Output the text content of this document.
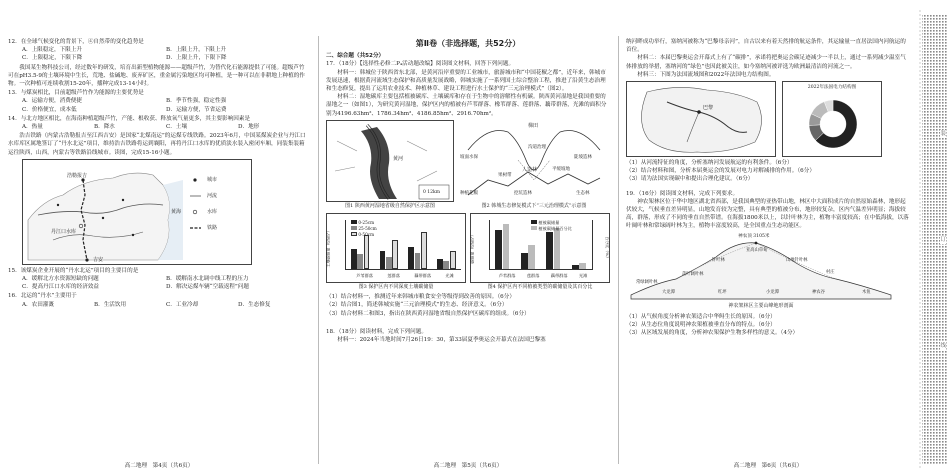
12．在全球气候变化的背景下，④自然带的变化趋势是
A．上限稳定，下限上升	B．上限上升，下限上升
C．上限稳定，下限下降	D．上限上升，下限下降
　　我国某生物科技公司，经过数年的研发，培育出新型植物能源——超级芦竹，为替代化石能源提供了可能。超级芦竹可在pH3.5-9的土壤环境中生长，荒地、盐碱地、废弃矿区，重金属污染地区均可种植，是一种可以在非耕地上种植的作物。一次种植可连续收割15-20年，播种完成13-14小时。
13．与煤炭相比，目前超级芦竹作为能源的主要优势是
A．运输方便，消费便捷	B．季节性强，稳定性强
C．价格便宜，成本低	D．运输方便，节省运费
14．与北方地区相比，在海南种植超级芦竹，产能、根收获、释放氧气量更多，其主要影响因素是
A．热量	B．降水	C．土壤	D．地形
　　浩吉铁路（内蒙古浩勒报吉至江西吉安）是国家“北煤南运”的运煤专线铁路。2023年6月，中国某煤炭企业与丹江口水库库区属地签订了“丹水北运”项目，维持浩吉铁路将运到襄阳，再将丹江口水库的优质淡水装入密闭车厢，同装集装箱运往陕西，山西，内蒙古等铁路沿线城市。读图，完成15-16小题。
浩勒报吉
吉安
丹江口水库
黄海
城市
河流
水库
铁路
15．该煤炭企业开展的“丹水北运”项目的主要目的是
A．缓解北方水资源短缺的问题	B．缓解南水北调中线工程的压力
C．提高丹江口水库的经济效益	D．解决运煤车辆“空载返程”问题
16．北运的“丹水”主要用于
A．农田灌溉	B．生活饮用	C．工业冷却	D．生态修复
高二地理　第4页（共6页）
第Ⅱ卷（非选择题，共52分）
二、综合题（共52分）
17．（18分）【选择性必修二P₄活动题改编】阅读图文材料，回答下列问题。
　　材料一：韩城位于陕西省东北部，是黄河沿岸重要的工业城市，旅游城市和“中国花椒之都”，近年来，韩城市发展迅速，根据黄河流域生态保护和高质量发展战略，韩城实施了一系列国土综合整治工程，推进了沿黄生态治理和生态修复，提出了运用农业技术、种植林草、建设工程进行水土保护的“三元治理模式”（图2）。
　　材料二：湿地碳库主要包括植被碳库、土壤碳库和存在于生物中的溶解性有机碳。陕西黄河湿地是我国重要的湿地之一（如图1），为研究黄河湿地，保护区内的植被有芦苇群落、橡苇群落、莲群落、藕带群落，光滩的面积分别为4196.63hm²、1786.34hm²、4186.85hm²、2916.70hm²。
黄河
0 12km
图1 陕西黄河湿地省级自然保护区示意图
梯田
人造林
坡面水保
沟道治理
陡坡造林
果树带
平缓坡地
种植花椒	挖坑造林	生态林
图2 韩城生态修复模式下“三元治理模式”示意图
土壤碳储量（t/hm²）
芦苇群落	莲群落	藕带群落	光滩
0-25cm
25-50cm
0-50cm
图3 保护区内不同深度土壤碳储量
碳储量（t/hm²）	百分比（%）
芦苇群落	莲群落	藕带群落	光滩
植被碳储量
植被碳储量百分比
图4 保护区内不同植被类型的碳储量及其百分比
（1）结合材料一，推测近年来韩城市粮食安全等级得到改善的原因。（6分）
（2）结合图1，简述韩城实施“三元治理模式”的生态、经济意义。（6分）
（3）结合材料二和图3，指出在陕西黄河湿地省级自然保护区碳库的组成。（6分）
18．（18分）阅读材料，完成下列问题。
　　材料一：2024年当地时间7月26日19：30，第33届夏季奥运会开幕式在法国巴黎塞
高二地理　第5页（共6页）
纳河畔成功举行，塞纳河被称为“巴黎母亲河”，自古以来有着天然排的航运条件，其运输量一直居法国内河航运的首位。
　　材料二：本届巴黎奥运会开幕式上有了“碳排”，承诺将把奥运会碳足迹减少一半以上，通过一系列减少温室气体排放的举措，塞纳河的“绿色”也因此被关注，如今塞纳河被评选为欧洲最清洁的河流之一。
　　材料三：下图为法国流域图和2022年法国电力结构图。
巴黎
2022年法国电力结构图
（1）从河流特征的角度，分析塞纳河发展航运的有利条件。（6分）
（2）结合材料和图，分析本届奥运会的发展对电力对解减排的作用。（6分）
（3）请为法国实现碳中和提出合理化建议。（6分）
19．（16分）阅读图文材料，完成下列要求。
　　神农架林区位于华中地区湖北省西部，是我国典型的亚热带山地，林区中大面积成片的自然原始森林，地形起伏较大，气候垂直差异明显，山地发育较为完整，具有典型的植被分布，地形较复杂，区内气温差异明显；海拔较高，群落，形成了不同的垂直自然带谱。在海拔1800米以上，以针叶林为主，植物丰富度较高；在中低海拔，以落叶阔叶林和常绿阔叶林为主，植物丰富度较高，是全国重点生态功能区。
神农顶 3105米
亚高山草甸
针叶林
落叶阔叶林
常绿阔叶林
山地针叶林
村庄
大龙潭	红坪	小龙潭	神农谷	木鱼
神农架林区主要山峰地形剖面
（1）从气候角度分析神农架适合中华鲟生长的原因。（6分）
（2）从生态位角度说明神农架植被垂直分布的特点。（6分）
（3）从区域发展的角度，分析神农架保护生物多样性的意义。（4分）
高二地理　第6页（共6页）
装
订
线
